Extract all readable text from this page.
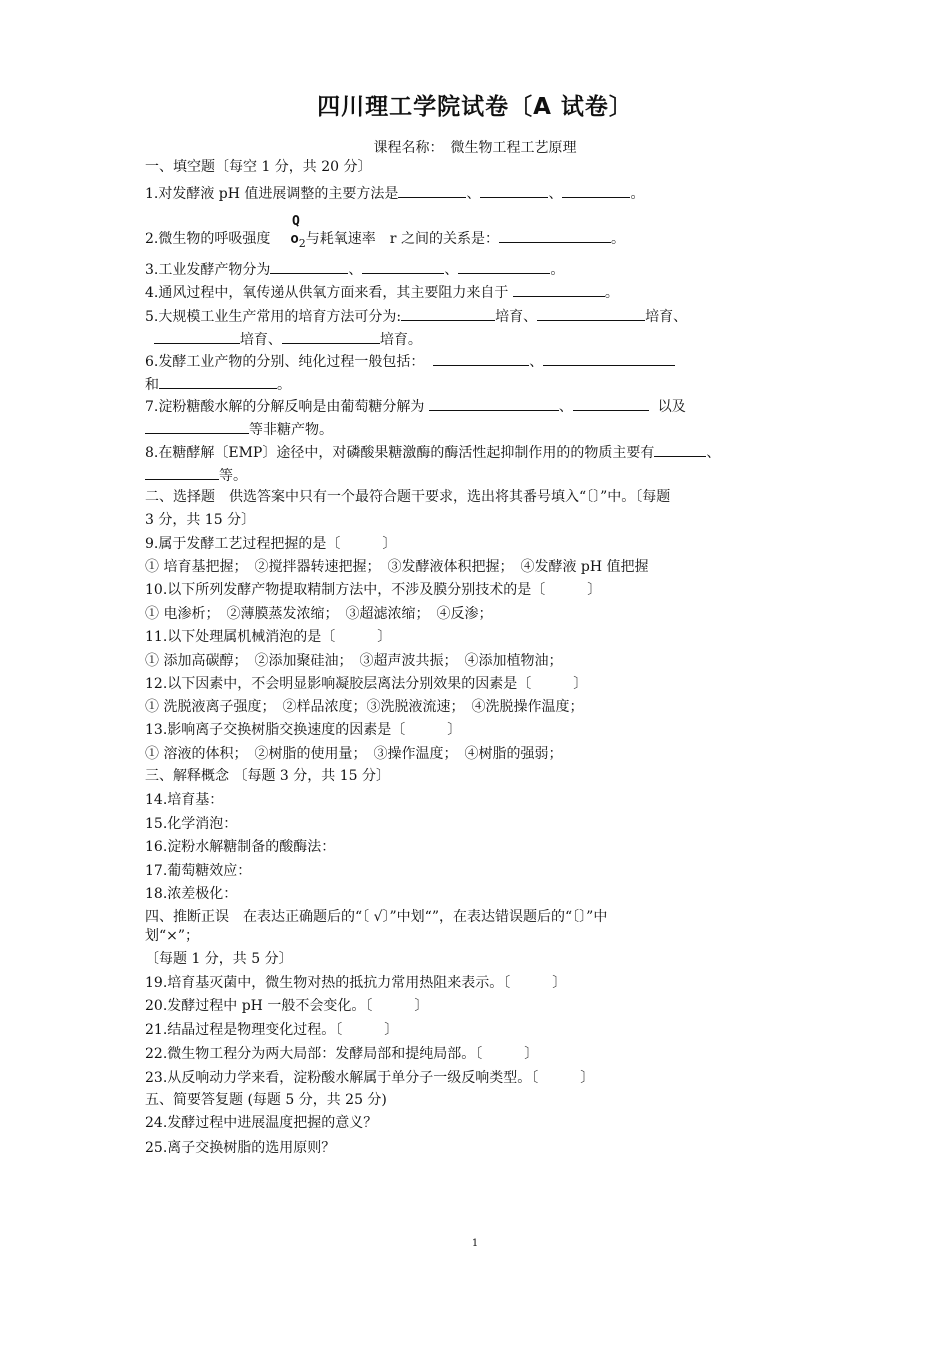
四川理工学院试卷〔A 试卷〕
课程名称：　微生物工程工艺原理
一、填空题〔每空 1 分，共 20 分〕
1.对发酵液 pH 值进展调整的主要方法是	、	、	。
Q
2.微生物的呼吸强度 $o_2$与耗氧速率　r 之间的关系是：	。
3.工业发酵产物分为	、	、	。
4.通风过程中，氧传递从供氧方面来看，其主要阻力来自于	。
5.大规模工业生产常用的培育方法可分为:	培育、	培育、
培育、	培育。
6.发酵工业产物的分别、纯化过程一般包括：	、
和	。
7.淀粉糖酸水解的分解反响是由葡萄糖分解为	、	以及
等非糖产物。
8.在糖酵解〔EMP〕途径中，对磷酸果糖激酶的酶活性起抑制作用的的物质主要有	、
等。
二、选择题　供选答案中只有一个最符合题干要求，选出将其番号填入“〔〕”中。〔每题
3 分，共 15 分〕
9.属于发酵工艺过程把握的是〔　　　〕
① 培育基把握；　②搅拌器转速把握；　③发酵液体积把握；　④发酵液 pH 值把握
10.以下所列发酵产物提取精制方法中，不涉及膜分别技术的是〔　　　〕
① 电渗析；　②薄膜蒸发浓缩；　③超滤浓缩；　④反渗；
11.以下处理属机械消泡的是〔　　　〕
① 添加高碳醇；　②添加聚硅油；　③超声波共振；　④添加植物油；
12.以下因素中，不会明显影响凝胶层离法分别效果的因素是〔　　　〕
① 洗脱液离子强度；　②样品浓度；③洗脱液流速；　④洗脱操作温度；
13.影响离子交换树脂交换速度的因素是〔　　　〕
① 溶液的体积；　②树脂的使用量；　③操作温度；　④树脂的强弱；
三、解释概念 〔每题 3 分，共 15 分〕
14.培育基：
15.化学消泡：
16.淀粉水解糖制备的酸酶法：
17.葡萄糖效应：
18.浓差极化：
四、推断正误　在表达正确题后的“〔 √〕”中划“”，在表达错误题后的“〔〕”中
划“×”；
〔每题 1 分，共 5 分〕
19.培育基灭菌中，微生物对热的抵抗力常用热阻来表示。〔　　　〕
20.发酵过程中 pH 一般不会变化。〔　　　〕
21.结晶过程是物理变化过程。〔　　　〕
22.微生物工程分为两大局部：发酵局部和提纯局部。〔　　　〕
23.从反响动力学来看，淀粉酸水解属于单分子一级反响类型。〔　　　〕
五、简要答复题 (每题 5 分，共 25 分)
24.发酵过程中进展温度把握的意义？
25.离子交换树脂的选用原则？
1
